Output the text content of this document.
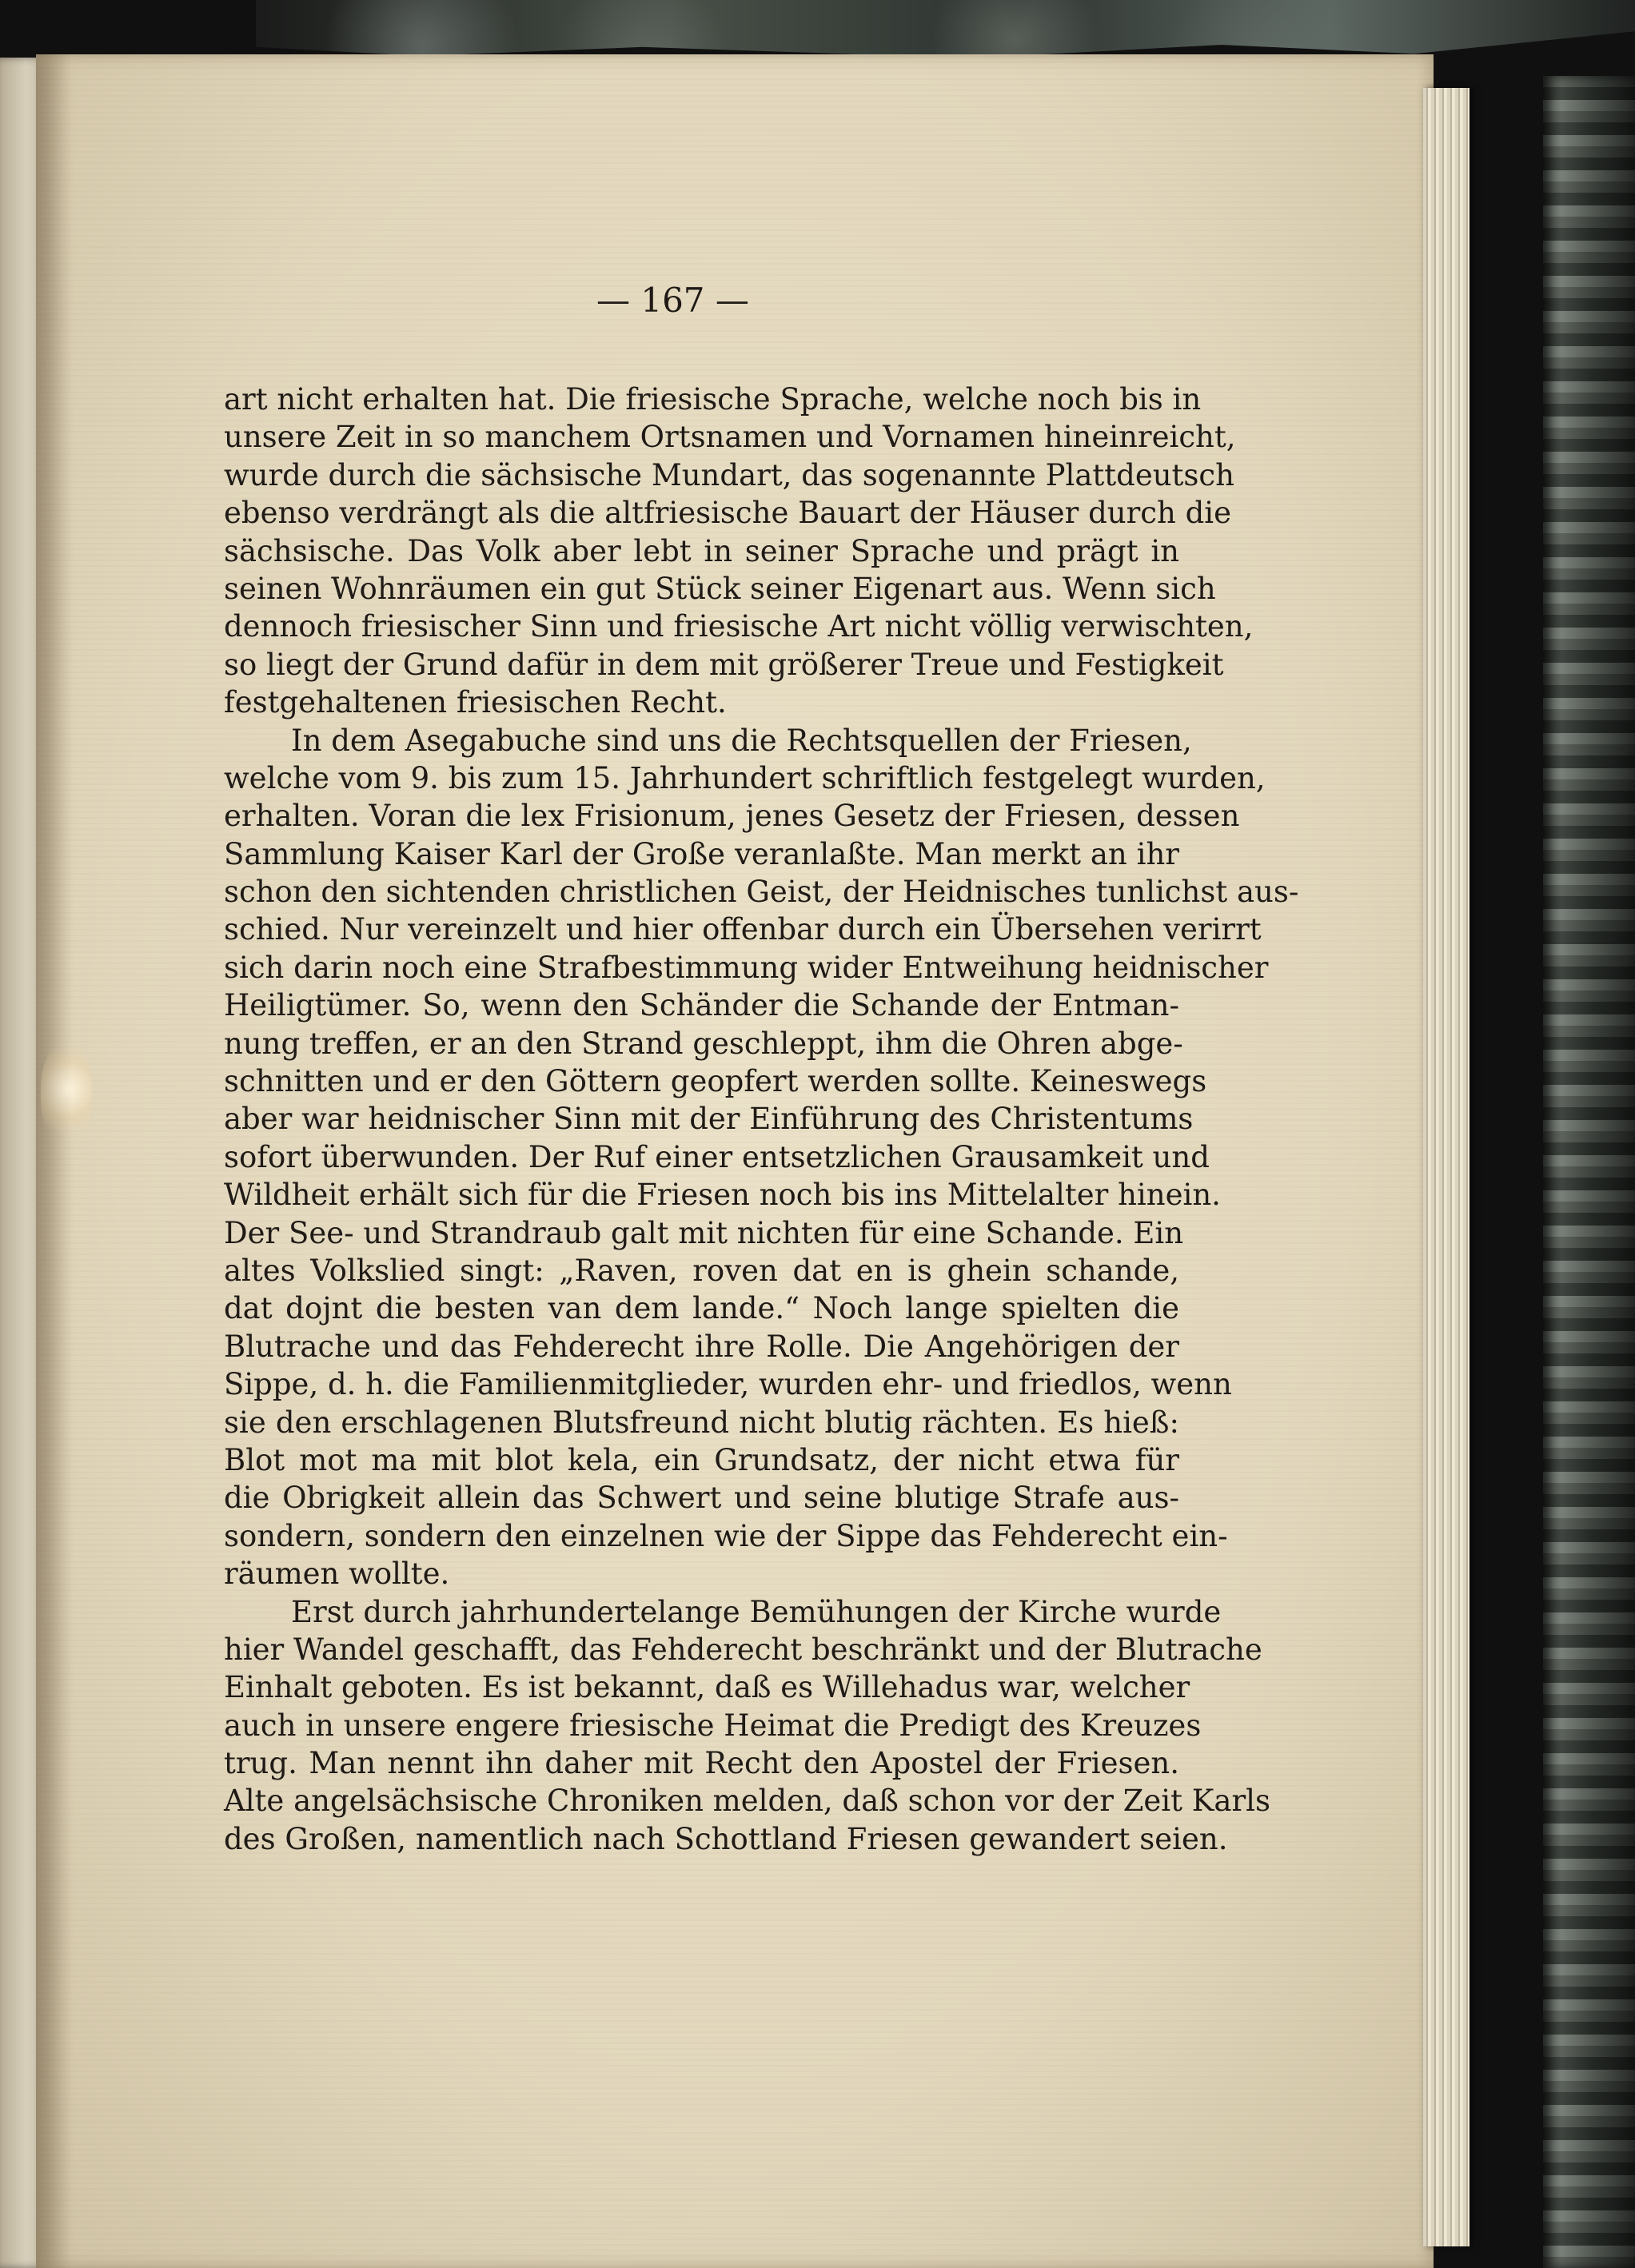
— 167 —
art nicht erhalten hat. Die friesische Sprache, welche noch bis in
unsere Zeit in so manchem Ortsnamen und Vornamen hineinreicht,
wurde durch die sächsische Mundart, das sogenannte Plattdeutsch
ebenso verdrängt als die altfriesische Bauart der Häuser durch die
sächsische. Das Volk aber lebt in seiner Sprache und prägt in
seinen Wohnräumen ein gut Stück seiner Eigenart aus. Wenn sich
dennoch friesischer Sinn und friesische Art nicht völlig verwischten,
so liegt der Grund dafür in dem mit größerer Treue und Festigkeit
festgehaltenen friesischen Recht.
In dem Asegabuche sind uns die Rechtsquellen der Friesen,
welche vom 9. bis zum 15. Jahrhundert schriftlich festgelegt wurden,
erhalten. Voran die lex Frisionum, jenes Gesetz der Friesen, dessen
Sammlung Kaiser Karl der Große veranlaßte. Man merkt an ihr
schon den sichtenden christlichen Geist, der Heidnisches tunlichst aus-
schied. Nur vereinzelt und hier offenbar durch ein Übersehen verirrt
sich darin noch eine Strafbestimmung wider Entweihung heidnischer
Heiligtümer. So, wenn den Schänder die Schande der Entman-
nung treffen, er an den Strand geschleppt, ihm die Ohren abge-
schnitten und er den Göttern geopfert werden sollte. Keineswegs
aber war heidnischer Sinn mit der Einführung des Christentums
sofort überwunden. Der Ruf einer entsetzlichen Grausamkeit und
Wildheit erhält sich für die Friesen noch bis ins Mittelalter hinein.
Der See- und Strandraub galt mit nichten für eine Schande. Ein
altes Volkslied singt: „Raven, roven dat en is ghein schande,
dat dojnt die besten van dem lande.“ Noch lange spielten die
Blutrache und das Fehderecht ihre Rolle. Die Angehörigen der
Sippe, d. h. die Familienmitglieder, wurden ehr- und friedlos, wenn
sie den erschlagenen Blutsfreund nicht blutig rächten. Es hieß:
Blot mot ma mit blot kela, ein Grundsatz, der nicht etwa für
die Obrigkeit allein das Schwert und seine blutige Strafe aus-
sondern, sondern den einzelnen wie der Sippe das Fehderecht ein-
räumen wollte.
Erst durch jahrhundertelange Bemühungen der Kirche wurde
hier Wandel geschafft, das Fehderecht beschränkt und der Blutrache
Einhalt geboten. Es ist bekannt, daß es Willehadus war, welcher
auch in unsere engere friesische Heimat die Predigt des Kreuzes
trug. Man nennt ihn daher mit Recht den Apostel der Friesen.
Alte angelsächsische Chroniken melden, daß schon vor der Zeit Karls
des Großen, namentlich nach Schottland Friesen gewandert seien.
